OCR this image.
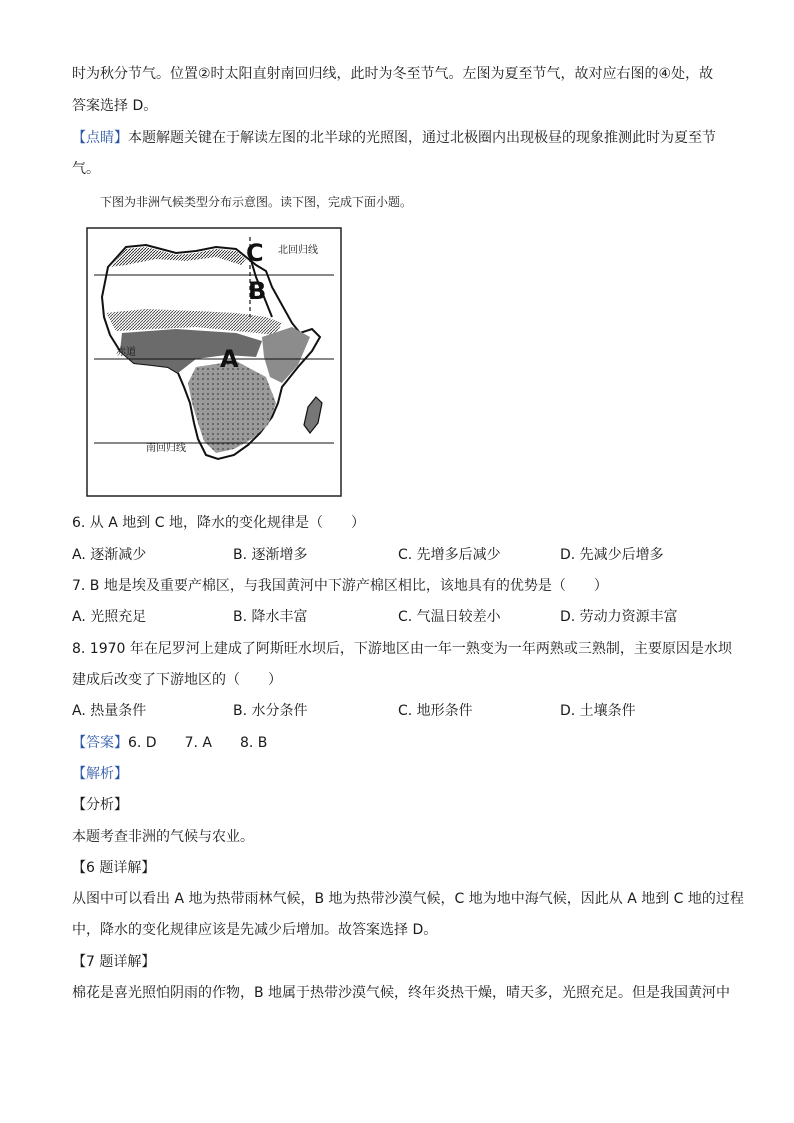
时为秋分节气。位置②时太阳直射南回归线，此时为冬至节气。左图为夏至节气，故对应右图的④处，故
答案选择 D。
【点睛】本题解题关键在于解读左图的北半球的光照图，通过北极圈内出现极昼的现象推测此时为夏至节
气。
下图为非洲气候类型分布示意图。读下图，完成下面小题。
C
B
A
北回归线
赤道
南回归线
6. 从 A 地到 C 地，降水的变化规律是（　　）
A. 逐渐减少	B. 逐渐增多	C. 先增多后减少	D. 先减少后增多
7. B 地是埃及重要产棉区，与我国黄河中下游产棉区相比，该地具有的优势是（　　）
A. 光照充足	B. 降水丰富	C. 气温日较差小	D. 劳动力资源丰富
8. 1970 年在尼罗河上建成了阿斯旺水坝后，下游地区由一年一熟变为一年两熟或三熟制，主要原因是水坝
建成后改变了下游地区的（　　）
A. 热量条件	B. 水分条件	C. 地形条件	D. 土壤条件
【答案】6. D　　7. A　　8. B
【解析】
【分析】
本题考查非洲的气候与农业。
【6 题详解】
从图中可以看出 A 地为热带雨林气候，B 地为热带沙漠气候，C 地为地中海气候，因此从 A 地到 C 地的过程
中，降水的变化规律应该是先减少后增加。故答案选择 D。
【7 题详解】
棉花是喜光照怕阴雨的作物，B 地属于热带沙漠气候，终年炎热干燥，晴天多，光照充足。但是我国黄河中
